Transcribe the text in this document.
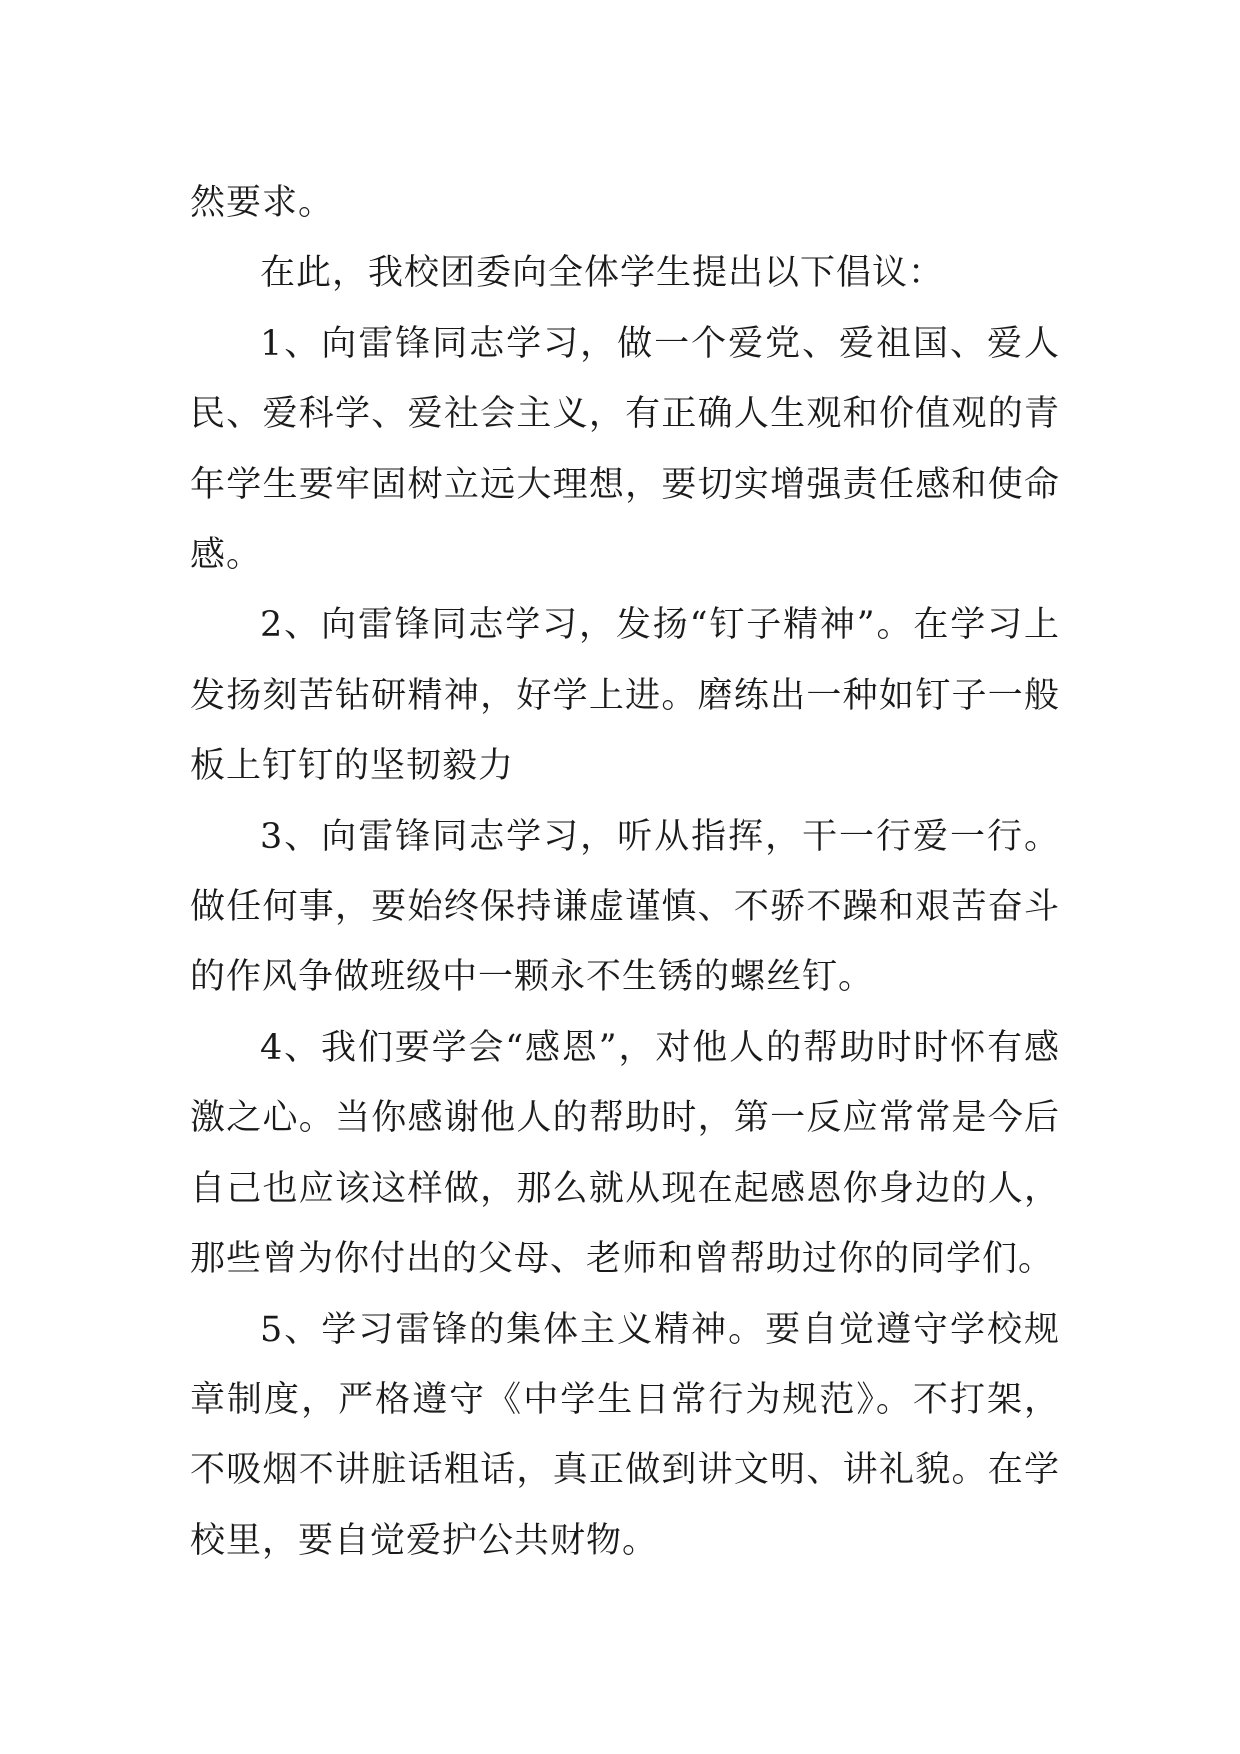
然要求。

在此，我校团委向全体学生提出以下倡议：

1、向雷锋同志学习，做一个爱党、爱祖国、爱人民、爱科学、爱社会主义，有正确人生观和价值观的青年学生要牢固树立远大理想，要切实增强责任感和使命感。

2、向雷锋同志学习，发扬“钉子精神”。在学习上发扬刻苦钻研精神，好学上进。磨练出一种如钉子一般板上钉钉的坚韧毅力

3、向雷锋同志学习，听从指挥，干一行爱一行。做任何事，要始终保持谦虚谨慎、不骄不躁和艰苦奋斗的作风争做班级中一颗永不生锈的螺丝钉。

4、我们要学会“感恩”，对他人的帮助时时怀有感激之心。当你感谢他人的帮助时，第一反应常常是今后自己也应该这样做，那么就从现在起感恩你身边的人，那些曾为你付出的父母、老师和曾帮助过你的同学们。

5、学习雷锋的集体主义精神。要自觉遵守学校规章制度，严格遵守《中学生日常行为规范》。不打架，不吸烟不讲脏话粗话，真正做到讲文明、讲礼貌。在学校里，要自觉爱护公共财物。
